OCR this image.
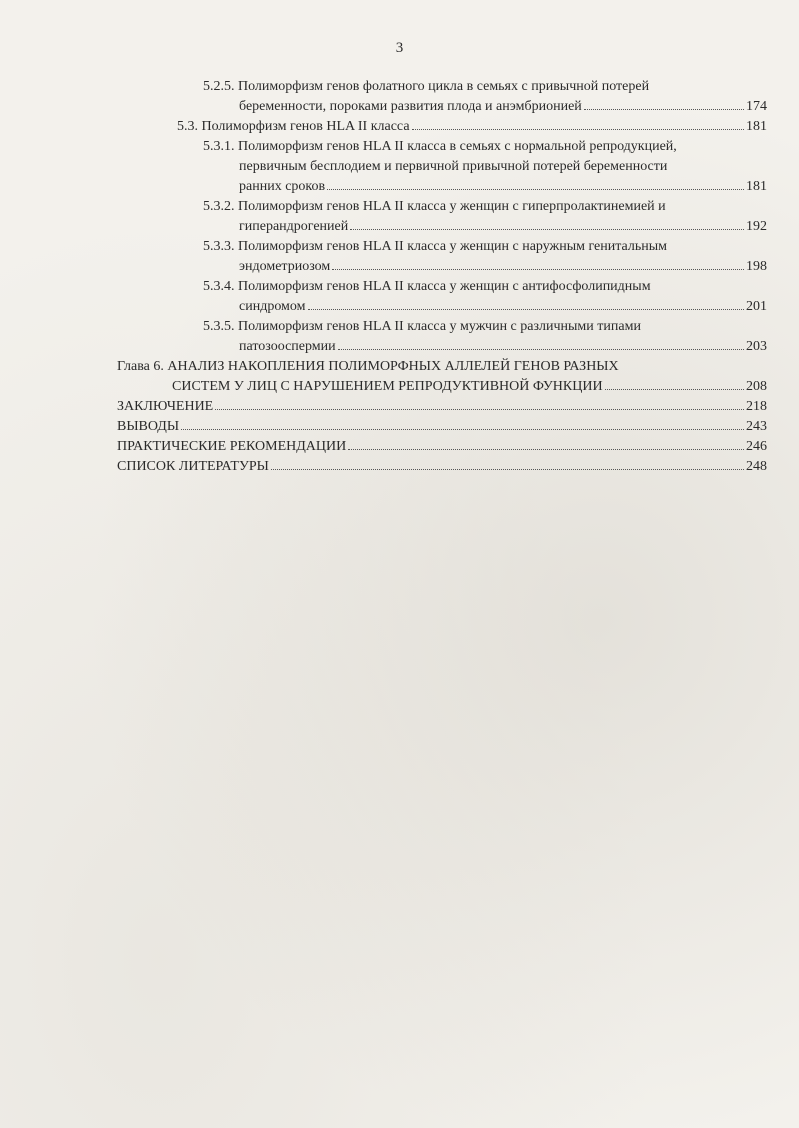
3
5.2.5. Полиморфизм генов фолатного цикла в семьях с привычной потерей
беременности, пороками развития плода и анэмбрионией	174
5.3. Полиморфизм генов HLA II класса	181
5.3.1. Полиморфизм генов HLA II класса в семьях с нормальной репродукцией,
первичным бесплодием и первичной привычной потерей беременности
ранних сроков	181
5.3.2. Полиморфизм генов HLA II класса у женщин с гиперпролактинемией и
гиперандрогенией	192
5.3.3. Полиморфизм генов HLA II класса у женщин с наружным генитальным
эндометриозом	198
5.3.4. Полиморфизм генов HLA II класса у женщин с антифосфолипидным
синдромом	201
5.3.5. Полиморфизм генов HLA II класса у мужчин с различными типами
патозооспермии	203
Глава 6. АНАЛИЗ НАКОПЛЕНИЯ ПОЛИМОРФНЫХ АЛЛЕЛЕЙ ГЕНОВ РАЗНЫХ
СИСТЕМ У ЛИЦ С НАРУШЕНИЕМ РЕПРОДУКТИВНОЙ ФУНКЦИИ	208
ЗАКЛЮЧЕНИЕ	218
ВЫВОДЫ	243
ПРАКТИЧЕСКИЕ РЕКОМЕНДАЦИИ	246
СПИСОК ЛИТЕРАТУРЫ	248
